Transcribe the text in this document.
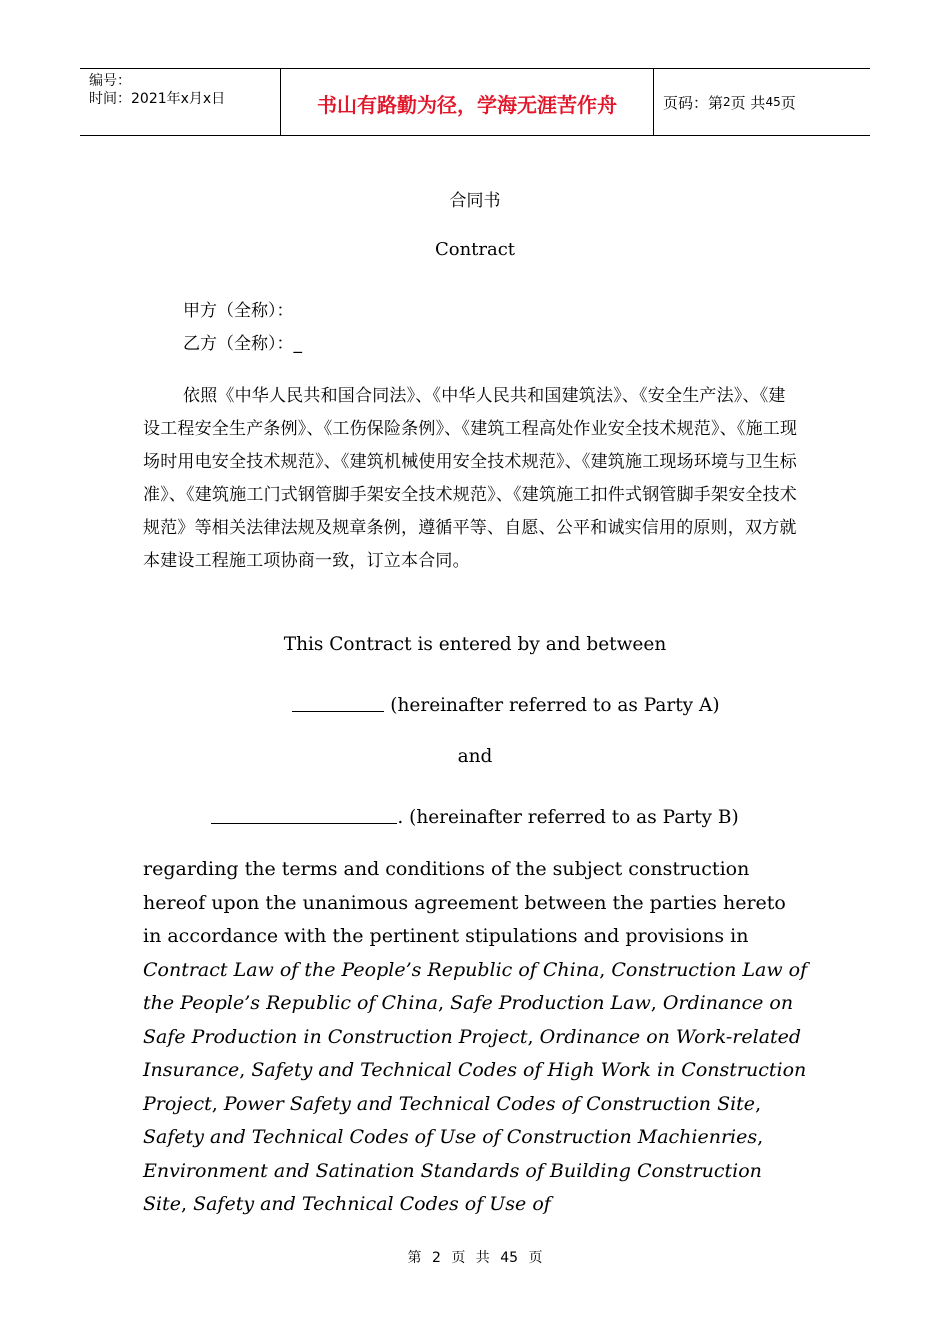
编号：
时间：2021年x月x日	书山有路勤为径，学海无涯苦作舟	页码：第 2 页 共 45 页
合同书
Contract
甲方（全称）：
乙方（全称）：_
依照《中华人民共和国合同法》、《中华人民共和国建筑法》、《安全生产法》、《建设工程安全生产条例》、《工伤保险条例》、《建筑工程高处作业安全技术规范》、《施工现场时用电安全技术规范》、《建筑机械使用安全技术规范》、《建筑施工现场环境与卫生标准》、《建筑施工门式钢管脚手架安全技术规范》、《建筑施工扣件式钢管脚手架安全技术规范》等相关法律法规及规章条例，遵循平等、自愿、公平和诚实信用的原则，双方就本建设工程施工项协商一致，订立本合同。
This Contract is entered by and between
(hereinafter referred to as Party A)
and
. (hereinafter referred to as Party B)
regarding the terms and conditions of the subject construction hereof upon the unanimous agreement between the parties hereto in accordance with the pertinent stipulations and provisions in Contract Law of the People’s Republic of China, Construction Law of the People’s Republic of China, Safe Production Law, Ordinance on Safe Production in Construction Project, Ordinance on Work-related Insurance, Safety and Technical Codes of High Work in Construction Project, Power Safety and Technical Codes of Construction Site, Safety and Technical Codes of Use of Construction Machienries, Environment and Satination Standards of Building Construction Site, Safety and Technical Codes of Use of
第 2 页 共 45 页
